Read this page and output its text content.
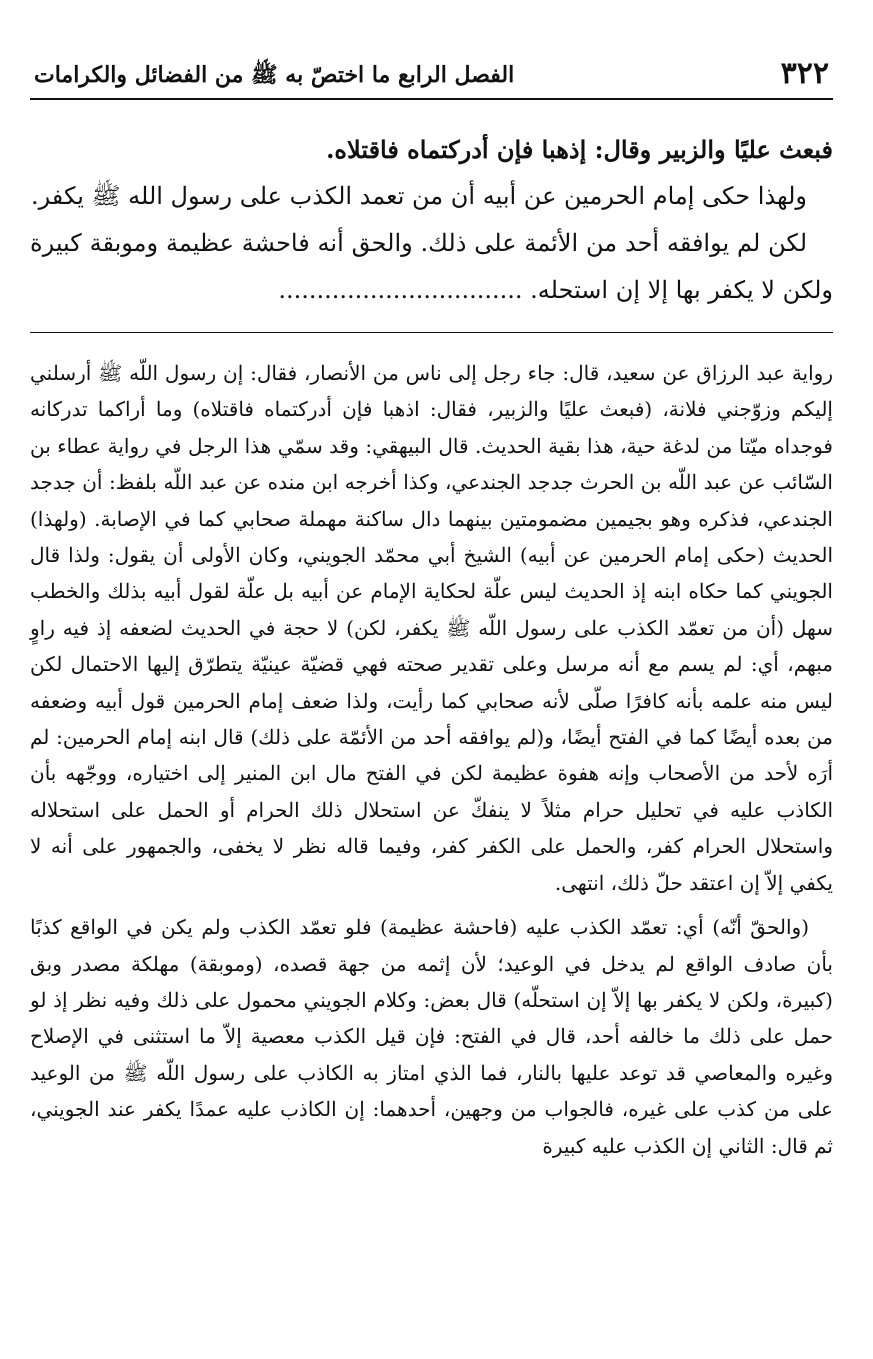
٣٢٢
الفصل الرابع ما اختصّ به ﷺ من الفضائل والكرامات

فبعث عليًا والزبير وقال: إذهبا فإن أدركتماه فاقتلاه.

ولهذا حكى إمام الحرمين عن أبيه أن من تعمد الكذب على رسول الله ﷺ يكفر.

لكن لم يوافقه أحد من الأئمة على ذلك. والحق أنه فاحشة عظيمة وموبقة كبيرة ولكن لا يكفر بها إلا إن استحله. ................................

رواية عبد الرزاق عن سعيد، قال: جاء رجل إلى ناس من الأنصار، فقال: إن رسول اللّه ﷺ أرسلني إليكم وزوّجني فلانة، (فبعث عليًا والزبير، فقال: اذهبا فإن أدركتماه فاقتلاه) وما أراكما تدركانه فوجداه ميّتا من لدغة حية، هذا بقية الحديث. قال البيهقي: وقد سمّي هذا الرجل في رواية عطاء بن السّائب عن عبد اللّه بن الحرث جدجد الجندعي، وكذا أخرجه ابن منده عن عبد اللّه بلفظ: أن جدجد الجندعي، فذكره وهو بجيمين مضمومتين بينهما دال ساكنة مهملة صحابي كما في الإصابة. (ولهذا) الحديث (حكى إمام الحرمين عن أبيه) الشيخ أبي محمّد الجويني، وكان الأولى أن يقول: ولذا قال الجويني كما حكاه ابنه إذ الحديث ليس علّة لحكاية الإمام عن أبيه بل علّة لقول أبيه بذلك والخطب سهل (أن من تعمّد الكذب على رسول اللّه ﷺ يكفر، لكن) لا حجة في الحديث لضعفه إذ فيه راوٍ مبهم، أي: لم يسم مع أنه مرسل وعلى تقدير صحته فهي قضيّة عينيّة يتطرّق إليها الاحتمال لكن ليس منه علمه بأنه كافرًا صلّى لأنه صحابي كما رأيت، ولذا ضعف إمام الحرمين قول أبيه وضعفه من بعده أيضًا كما في الفتح أيضًا، و(لم يوافقه أحد من الأئمّة على ذلك) قال ابنه إمام الحرمين: لم أرَه لأحد من الأصحاب وإنه هفوة عظيمة لكن في الفتح مال ابن المنير إلى اختياره، ووجّهه بأن الكاذب عليه في تحليل حرام مثلاً لا ينفكّ عن استحلال ذلك الحرام أو الحمل على استحلاله واستحلال الحرام كفر، والحمل على الكفر كفر، وفيما قاله نظر لا يخفى، والجمهور على أنه لا يكفي إلاّ إن اعتقد حلّ ذلك، انتهى.

(والحقّ أنّه) أي: تعمّد الكذب عليه (فاحشة عظيمة) فلو تعمّد الكذب ولم يكن في الواقع كذبًا بأن صادف الواقع لم يدخل في الوعيد؛ لأن إثمه من جهة قصده، (وموبقة) مهلكة مصدر وبق (كبيرة، ولكن لا يكفر بها إلاّ إن استحلّه) قال بعض: وكلام الجويني محمول على ذلك وفيه نظر إذ لو حمل على ذلك ما خالفه أحد، قال في الفتح: فإن قيل الكذب معصية إلاّ ما استثنى في الإصلاح وغيره والمعاصي قد توعد عليها بالنار، فما الذي امتاز به الكاذب على رسول اللّه ﷺ من الوعيد على من كذب على غيره، فالجواب من وجهين، أحدهما: إن الكاذب عليه عمدًا يكفر عند الجويني، ثم قال: الثاني إن الكذب عليه كبيرة
